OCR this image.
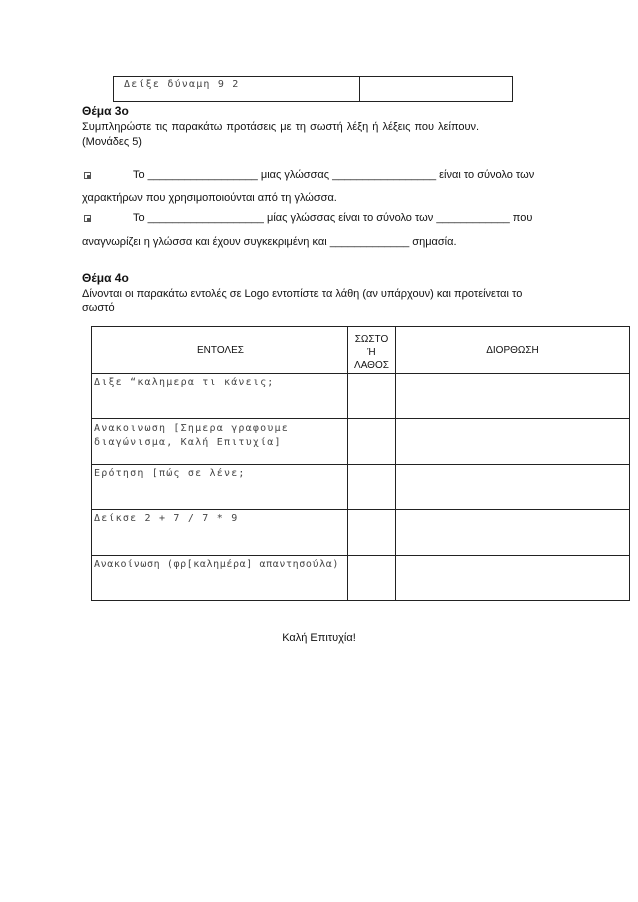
Δείξε δύναμη 9 2
Θέμα 3ο

Συμπληρώστε τις παρακάτω προτάσεις με τη σωστή λέξη ή λέξεις που λείπουν.

(Μονάδες 5)

Το __________________ μιας γλώσσας _________________ είναι το σύνολο των

χαρακτήρων που χρησιμοποιούνται από τη γλώσσα.

Το ___________________ μίας γλώσσας είναι το σύνολο των ____________ που

αναγνωρίζει η γλώσσα και έχουν συγκεκριμένη και _____________ σημασία.

Θέμα 4ο

Δίνονται οι παρακάτω εντολές σε Logo εντοπίστε τα λάθη (αν υπάρχουν) και προτείνεται το

σωστό

ΕΝΤΟΛΕΣ
ΣΩΣΤΟ
Ή
ΛΑΘΟΣ
ΔΙΟΡΘΩΣΗ
Διξε “καλημερα τι κάνεις;
Ανακοινωση [Σημερα γραφουμε
διαγώνισμα, Καλή Επιτυχία]
Ερότηση [πώς σε λένε;
Δείκσε 2 + 7 / 7 * 9
Ανακοίνωση (φρ[καλημέρα] απαντησούλα)
Καλή Επιτυχία!
